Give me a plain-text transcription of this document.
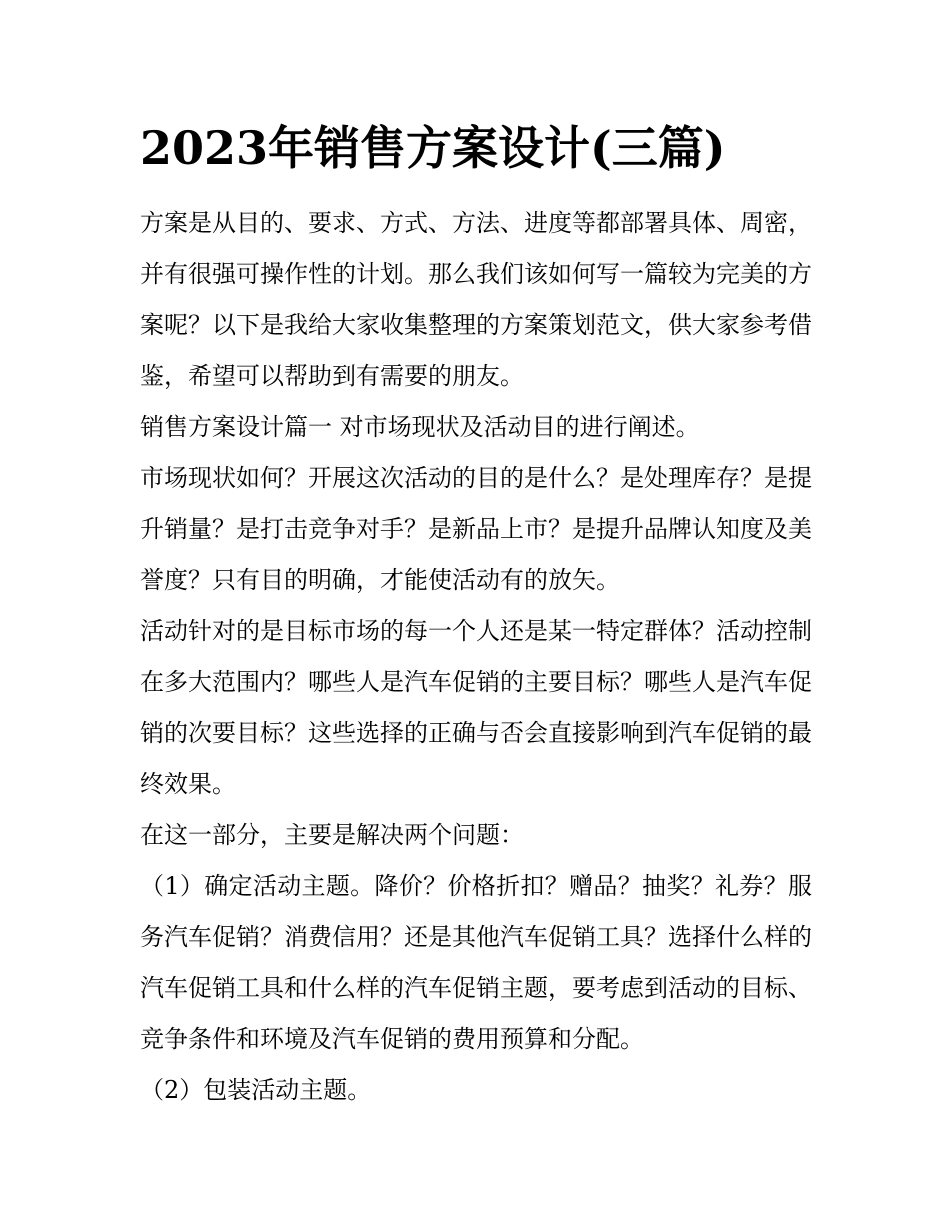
2023年销售方案设计(三篇)

方案是从目的、要求、方式、方法、进度等都部署具体、周密，并有很强可操作性的计划。那么我们该如何写一篇较为完美的方案呢？以下是我给大家收集整理的方案策划范文，供大家参考借鉴，希望可以帮助到有需要的朋友。

销售方案设计篇一 对市场现状及活动目的进行阐述。

市场现状如何？开展这次活动的目的是什么？是处理库存？是提升销量？是打击竞争对手？是新品上市？是提升品牌认知度及美誉度？只有目的明确，才能使活动有的放矢。

活动针对的是目标市场的每一个人还是某一特定群体？活动控制在多大范围内？哪些人是汽车促销的主要目标？哪些人是汽车促销的次要目标？这些选择的正确与否会直接影响到汽车促销的最终效果。

在这一部分，主要是解决两个问题：

（1）确定活动主题。降价？价格折扣？赠品？抽奖？礼券？服务汽车促销？消费信用？还是其他汽车促销工具？选择什么样的汽车促销工具和什么样的汽车促销主题，要考虑到活动的目标、竞争条件和环境及汽车促销的费用预算和分配。

（2）包装活动主题。
